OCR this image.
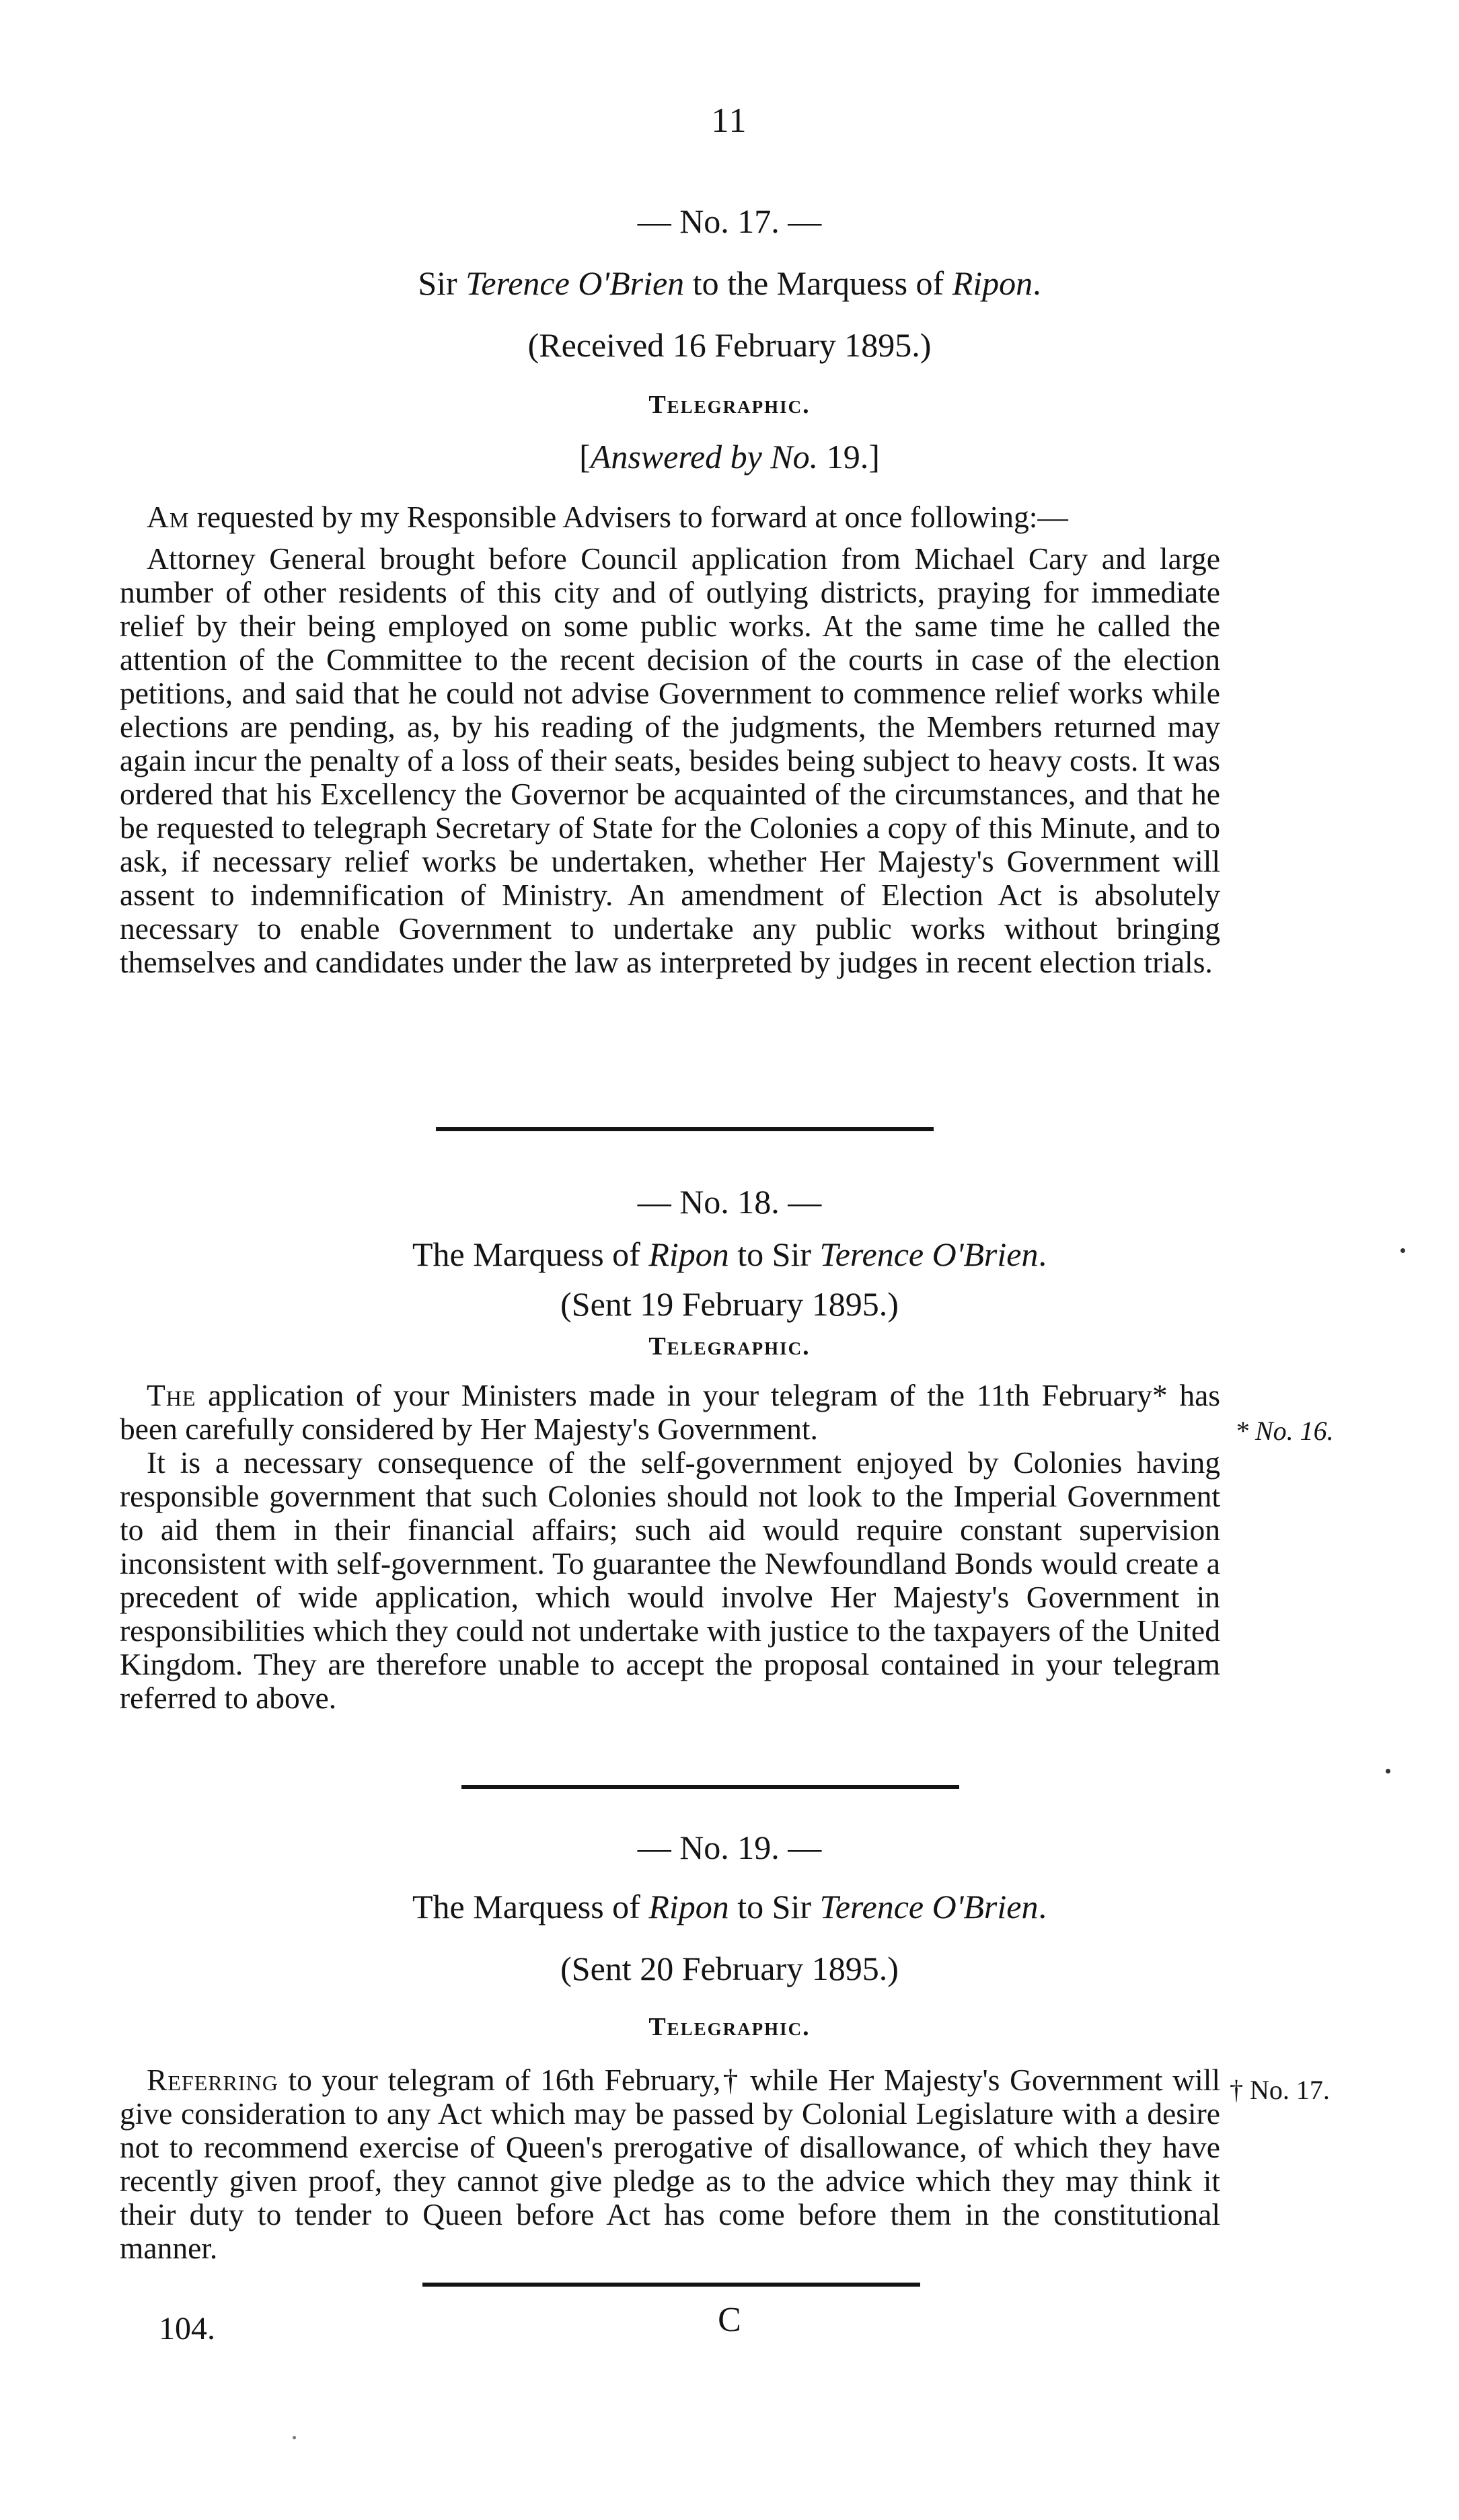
11
— No. 17. —
Sir Terence O'Brien to the Marquess of Ripon.
(Received 16 February 1895.)
Telegraphic.
[Answered by No. 19.]

Am requested by my Responsible Advisers to forward at once following:—

Attorney General brought before Council application from Michael Cary and large number of other residents of this city and of outlying districts, praying for immediate relief by their being employed on some public works. At the same time he called the attention of the Committee to the recent decision of the courts in case of the election petitions, and said that he could not advise Government to commence relief works while elections are pending, as, by his reading of the judgments, the Members returned may again incur the penalty of a loss of their seats, besides being subject to heavy costs. It was ordered that his Excellency the Governor be acquainted of the circumstances, and that he be requested to telegraph Secretary of State for the Colonies a copy of this Minute, and to ask, if necessary relief works be undertaken, whether Her Majesty's Government will assent to indemnification of Ministry. An amendment of Election Act is absolutely necessary to enable Government to undertake any public works without bringing themselves and candidates under the law as interpreted by judges in recent election trials.

— No. 18. —
The Marquess of Ripon to Sir Terence O'Brien.
(Sent 19 February 1895.)
Telegraphic.

The application of your Ministers made in your telegram of the 11th February* has been carefully considered by Her Majesty's Government.

It is a necessary consequence of the self-government enjoyed by Colonies having responsible government that such Colonies should not look to the Imperial Government to aid them in their financial affairs; such aid would require constant supervision inconsistent with self-government. To guarantee the Newfoundland Bonds would create a precedent of wide application, which would involve Her Majesty's Government in responsibilities which they could not undertake with justice to the taxpayers of the United Kingdom. They are therefore unable to accept the proposal contained in your telegram referred to above.

* No. 16.
— No. 19. —
The Marquess of Ripon to Sir Terence O'Brien.
(Sent 20 February 1895.)
Telegraphic.

Referring to your telegram of 16th February,† while Her Majesty's Government will give consideration to any Act which may be passed by Colonial Legislature with a desire not to recommend exercise of Queen's prerogative of disallowance, of which they have recently given proof, they cannot give pledge as to the advice which they may think it their duty to tender to Queen before Act has come before them in the constitutional manner.

† No. 17.
104.	C
